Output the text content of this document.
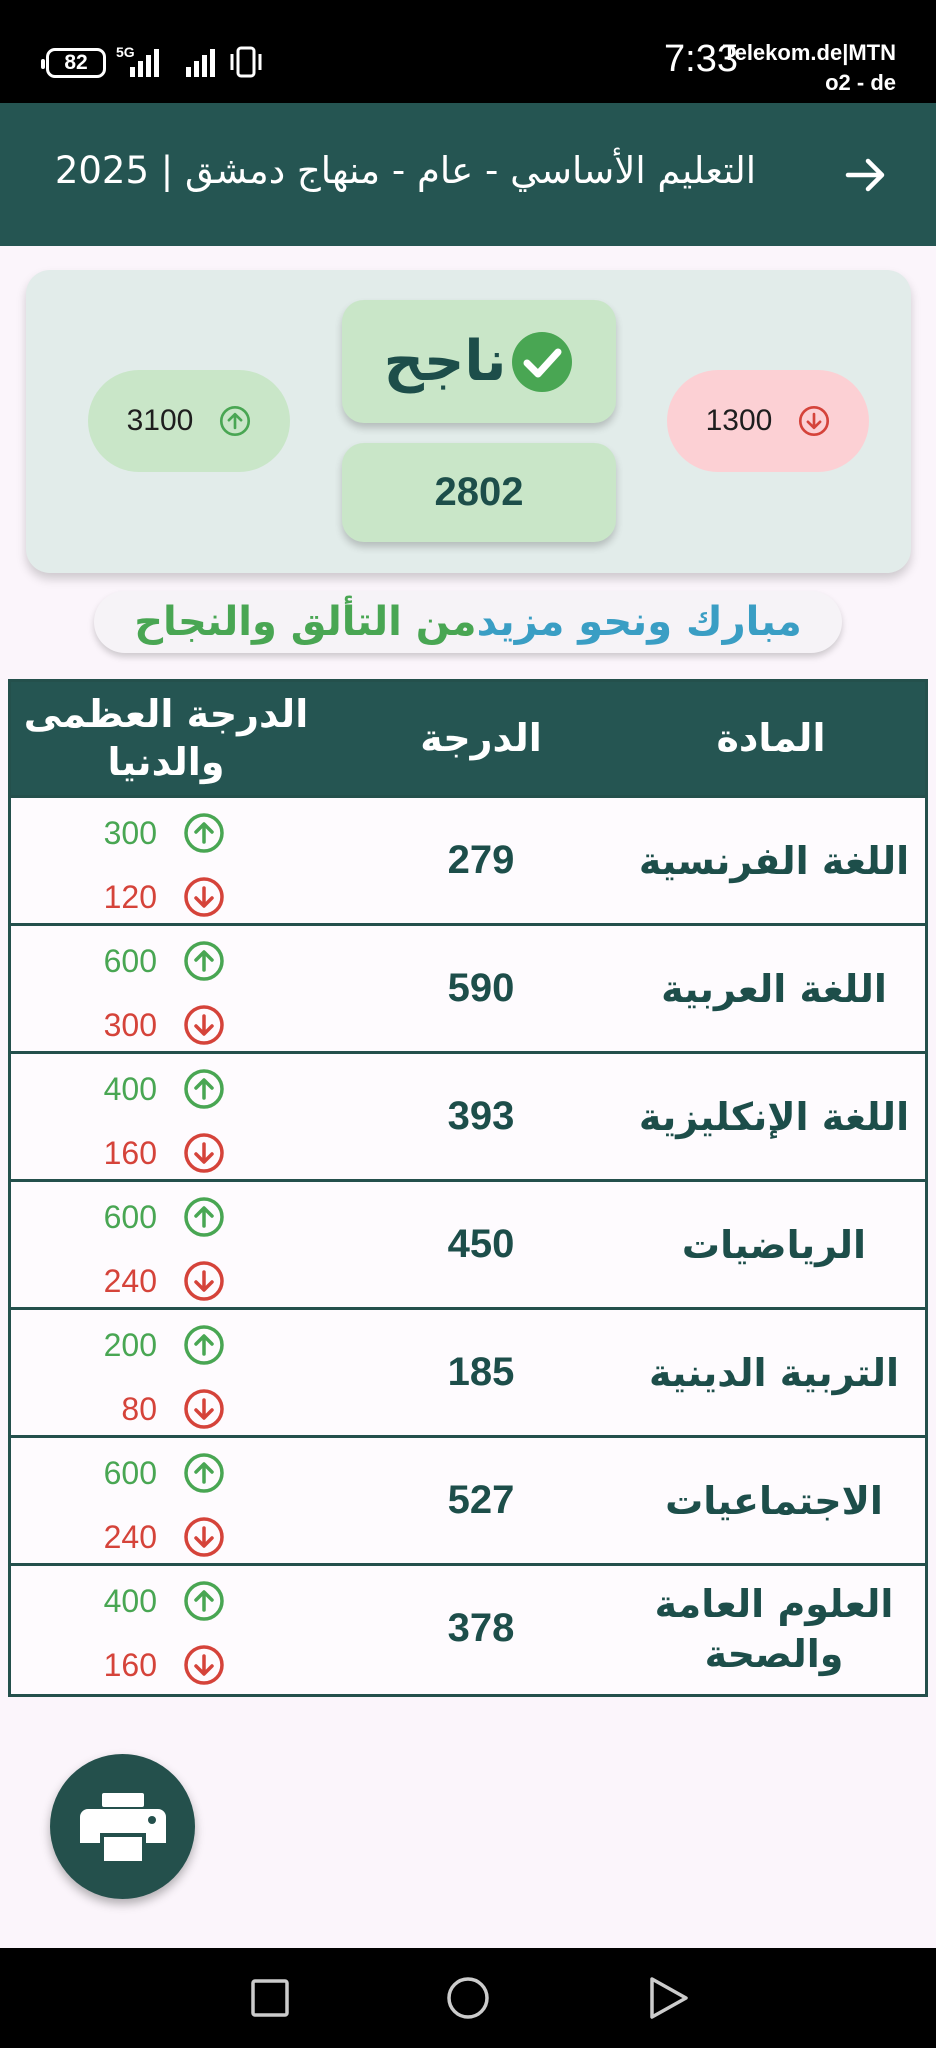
82	5G	7:33
Telekom.de|MTN
o2 - de
التعليم الأساسي - عام - منهاج دمشق | 2025
3100
ناجح
2802
1300
مبارك ونحو مزيد
من التألق والنجاح
المادة
الدرجة
الدرجة العظمى والدنيا
اللغة الفرنسية
279
300
120
اللغة العربية
590
600
300
اللغة الإنكليزية
393
400
160
الرياضيات
450
600
240
التربية الدينية
185
200
80
الاجتماعيات
527
600
240
العلوم العامة والصحة
378
400
160
